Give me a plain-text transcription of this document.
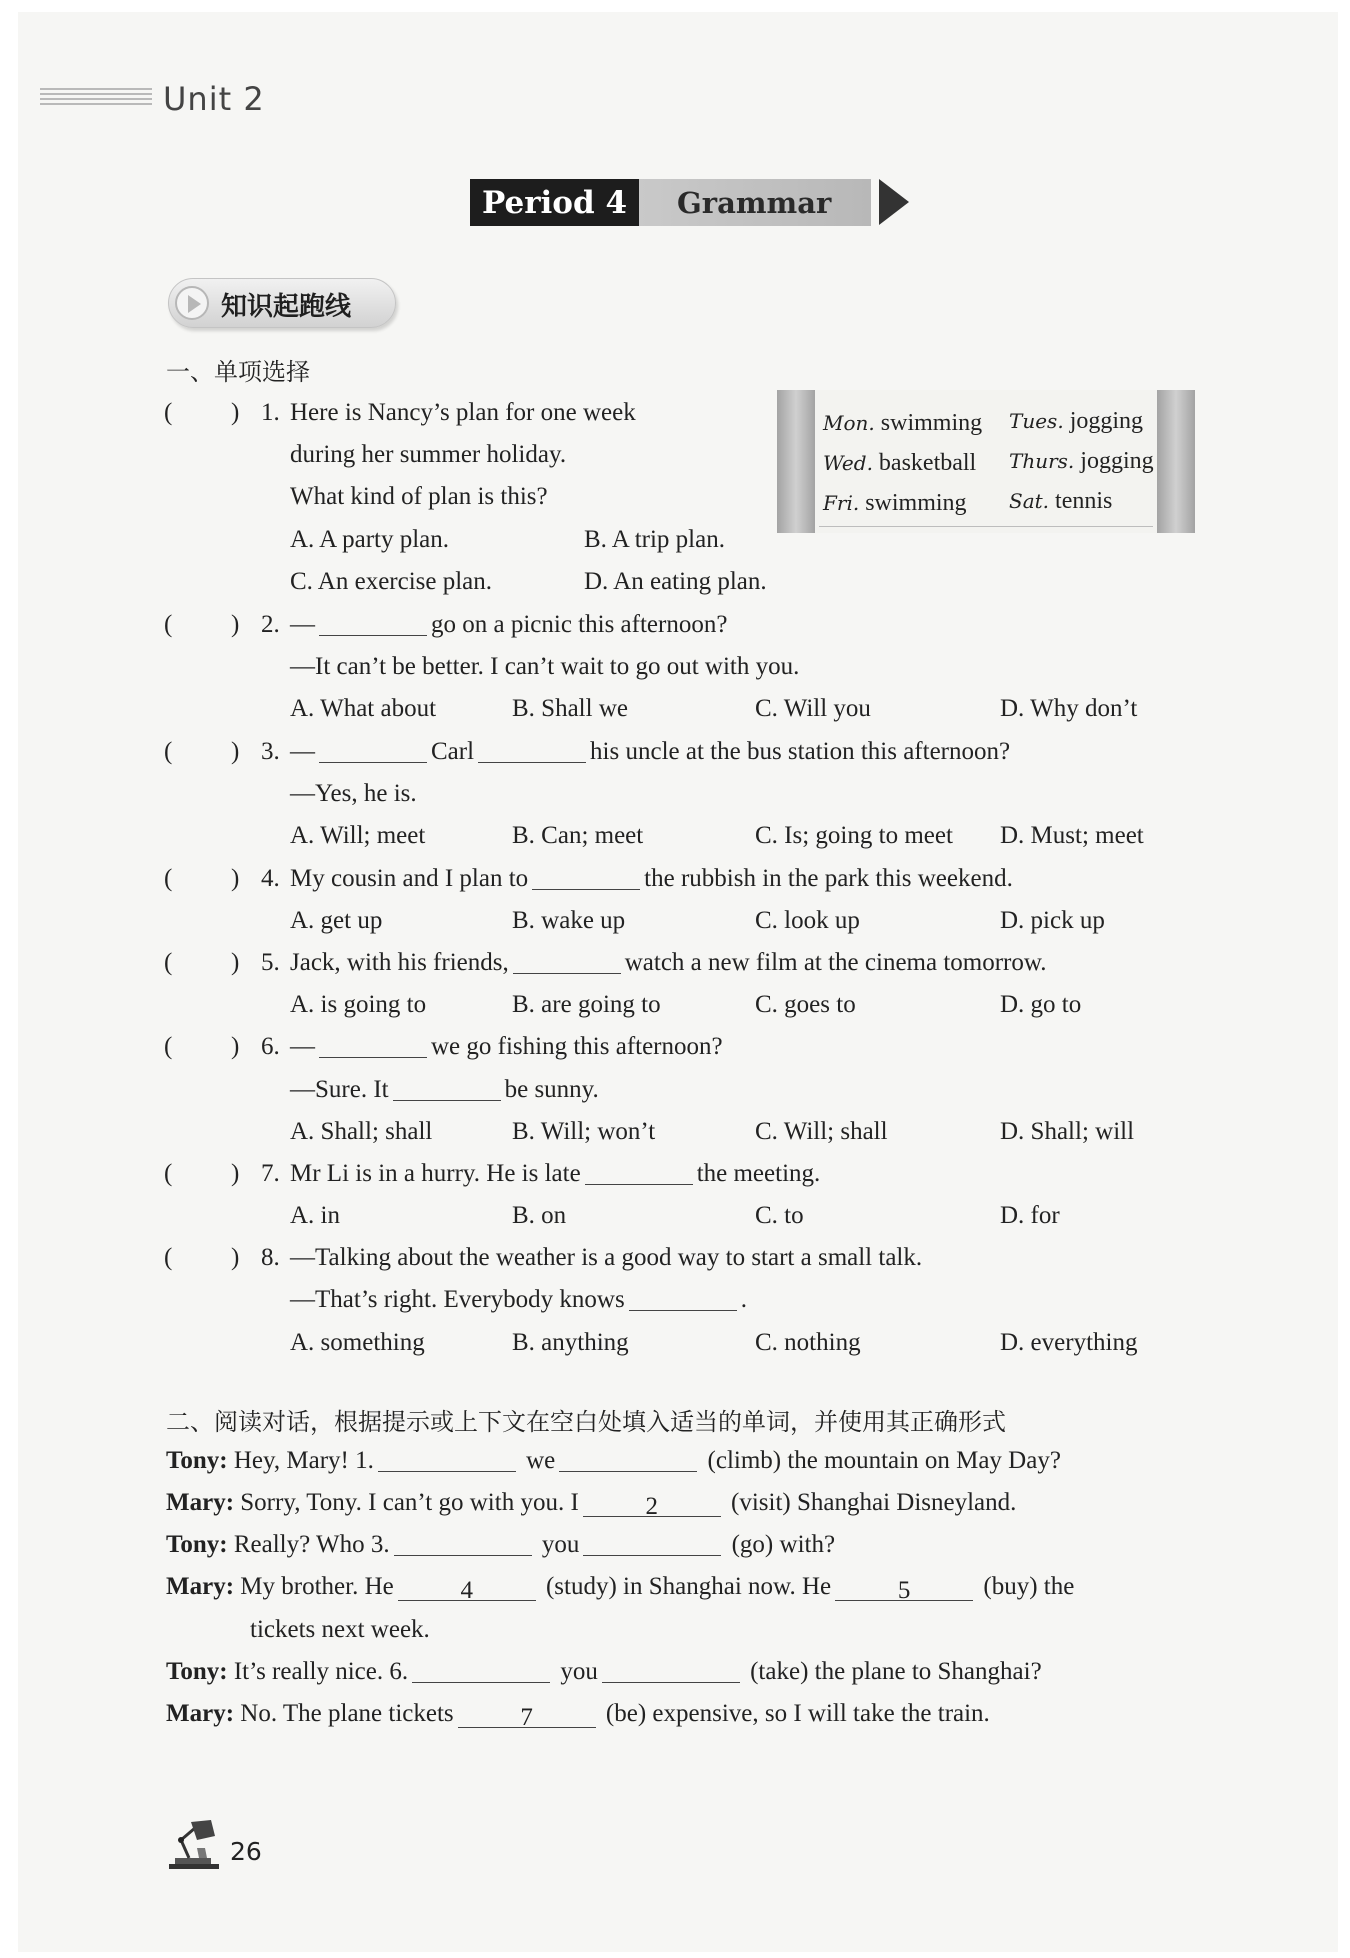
Unit 2
Period 4	Grammar
知识起跑线
一、单项选择
Mon. swimming Tues. jogging
Wed. basketball Thurs. jogging
Fri. swimming Sat. tennis
( )
( )
( )
( )
( )
( )
( )
( )
1. Here is Nancy’s plan for one week
during her summer holiday.
What kind of plan is this?
A. A party plan.	B. A trip plan.
C. An exercise plan.	D. An eating plan.
2. —	go on a picnic this afternoon?
—It can’t be better. I can’t wait to go out with you.
A. What about	B. Shall we	C. Will you	D. Why don’t
3. —	Carl	his uncle at the bus station this afternoon?
—Yes, he is.
A. Will; meet	B. Can; meet	C. Is; going to meet D. Must; meet
4. My cousin and I plan to	the rubbish in the park this weekend.
A. get up	B. wake up	C. look up	D. pick up
5. Jack, with his friends,	watch a new film at the cinema tomorrow.
A. is going to	B. are going to	C. goes to	D. go to
6. —	we go fishing this afternoon?
—Sure. It	be sunny.
A. Shall; shall	B. Will; won’t	C. Will; shall	D. Shall; will
7. Mr Li is in a hurry. He is late	the meeting.
A. in	B. on	C. to	D. for
8. —Talking about the weather is a good way to start a small talk.
—That’s right. Everybody knows	.
A. something	B. anything	C. nothing	D. everything
二、阅读对话，根据提示或上下文在空白处填入适当的单词，并使用其正确形式
Tony: Hey, Mary! 1.	we	(climb) the mountain on May Day?
Mary: Sorry, Tony. I can’t go with you. I	2	(visit) Shanghai Disneyland.
Tony: Really? Who 3.	you	(go) with?
Mary: My brother. He	4	(study) in Shanghai now. He	5	(buy) the
tickets next week.
Tony: It’s really nice. 6.	you	(take) the plane to Shanghai?
Mary: No. The plane tickets	7	(be) expensive, so I will take the train.
26
